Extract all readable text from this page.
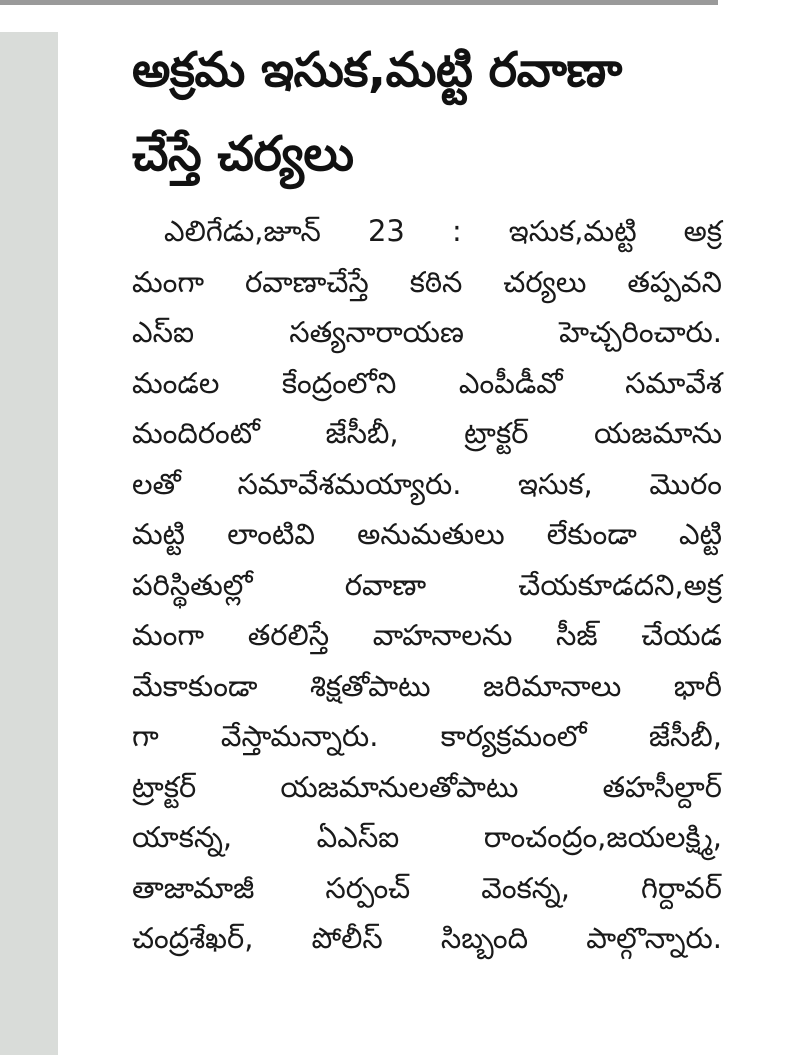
అక్రమ ఇసుక,మట్టి రవాణా
చేస్తే చర్యలు
ఎలిగేడు,జూన్ 23 : ఇసుక,మట్టి అక్ర
మంగా రవాణాచేస్తే కఠిన చర్యలు తప్పవని
ఎస్ఐ సత్యనారాయణ హెచ్చరించారు.
మండల కేంద్రంలోని ఎంపీడీవో సమావేశ
మందిరంటో జేసీబీ, ట్రాక్టర్ యజమాను
లతో సమావేశమయ్యారు. ఇసుక, మొరం
మట్టి లాంటివి అనుమతులు లేకుండా ఎట్టి
పరిస్థితుల్లో రవాణా చేయకూడదని,అక్ర
మంగా తరలిస్తే వాహనాలను సీజ్ చేయడ
మేకాకుండా శిక్షతోపాటు జరిమానాలు భారీ
గా వేస్తామన్నారు. కార్యక్రమంలో జేసీబీ,
ట్రాక్టర్ యజమానులతోపాటు తహసీల్దార్
యాకన్న, ఏఎస్ఐ రాంచంద్రం,జయలక్ష్మి,
తాజామాజీ సర్పంచ్ వెంకన్న, గిర్దావర్
చంద్రశేఖర్, పోలీస్ సిబ్బంది పాల్గొన్నారు.
